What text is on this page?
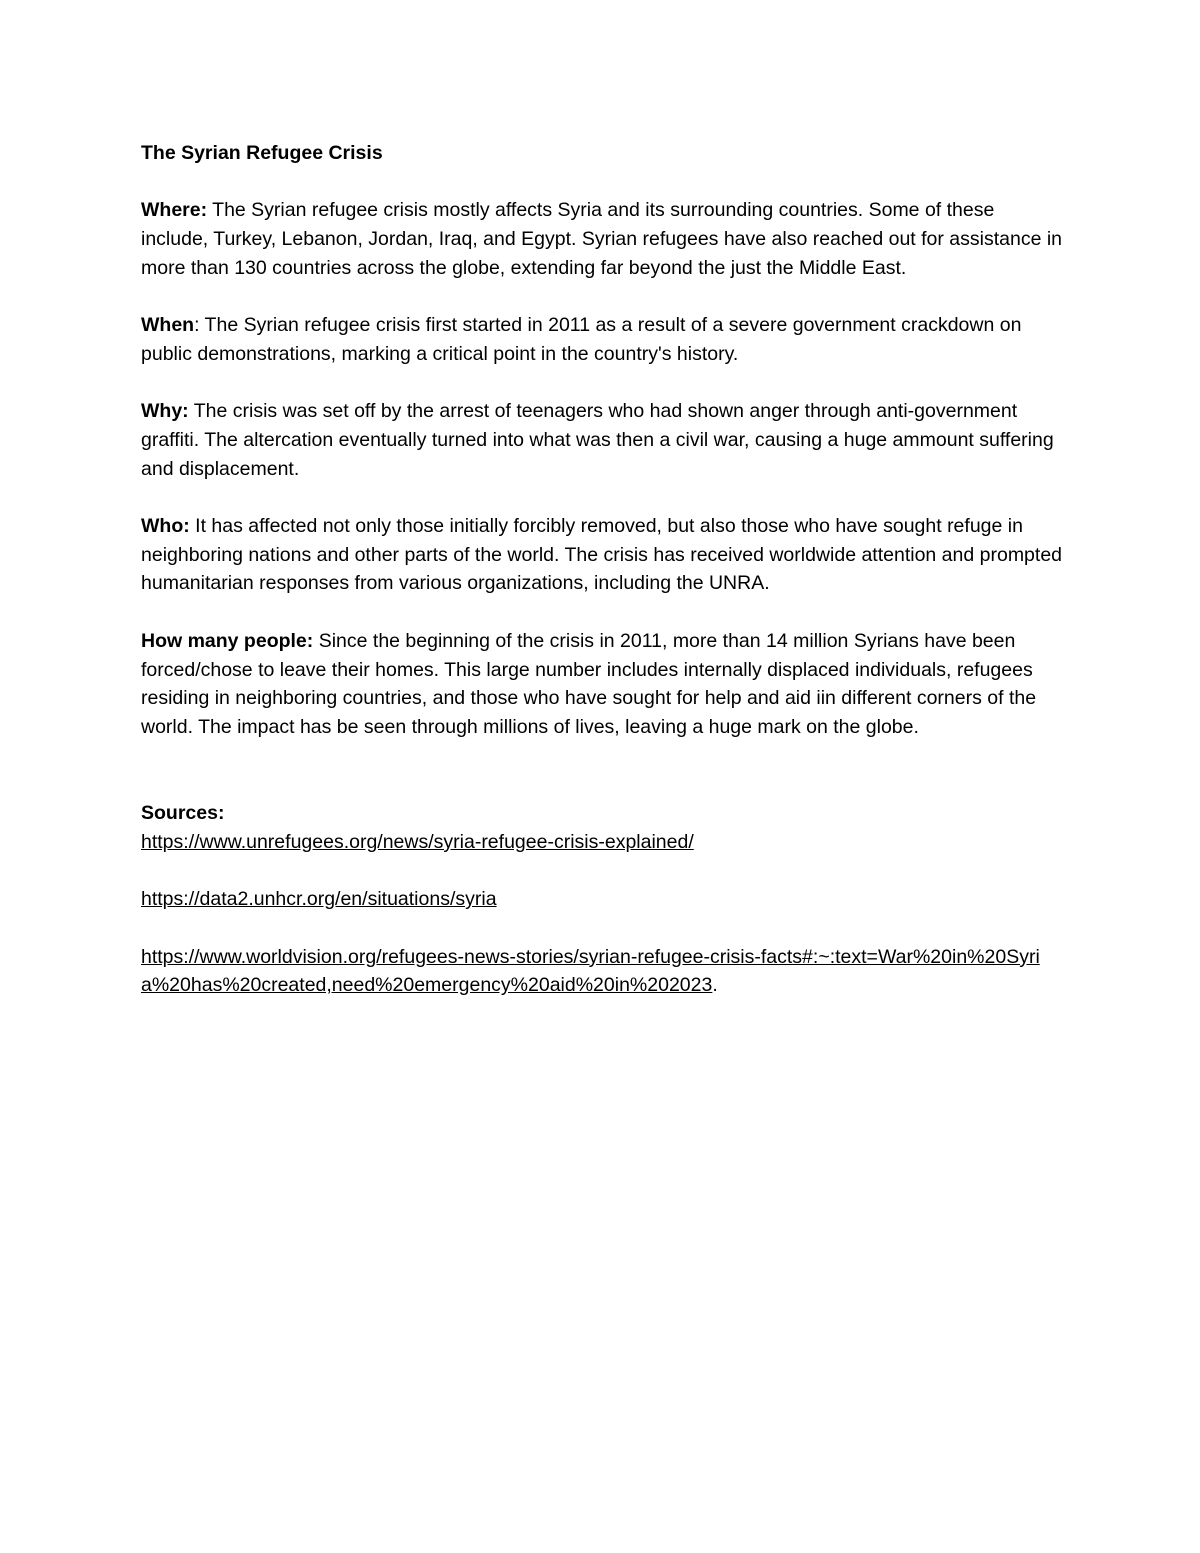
The Syrian Refugee Crisis

Where: The Syrian refugee crisis mostly affects Syria and its surrounding countries. Some of these include, Turkey, Lebanon, Jordan, Iraq, and Egypt. Syrian refugees have also reached out for assistance in more than 130 countries across the globe, extending far beyond the just the Middle East.

When: The Syrian refugee crisis first started in 2011 as a result of a severe government crackdown on public demonstrations, marking a critical point in the country's history.

Why: The crisis was set off by the arrest of teenagers who had shown anger through anti-government graffiti. The altercation eventually turned into what was then a civil war, causing a huge ammount suffering and displacement.

Who: It has affected not only those initially forcibly removed, but also those who have sought refuge in neighboring nations and other parts of the world. The crisis has received worldwide attention and prompted humanitarian responses from various organizations, including the UNRA.

How many people: Since the beginning of the crisis in 2011, more than 14 million Syrians have been forced/chose to leave their homes. This large number includes internally displaced individuals, refugees residing in neighboring countries, and those who have sought for help and aid iin different corners of the world. The impact has be seen through millions of lives, leaving a huge mark on the globe.

Sources:
https://www.unrefugees.org/news/syria-refugee-crisis-explained/
https://data2.unhcr.org/en/situations/syria
https://www.worldvision.org/refugees-news-stories/syrian-refugee-crisis-facts#:~:text=War%20in%20Syria%20has%20created,need%20emergency%20aid%20in%202023.
